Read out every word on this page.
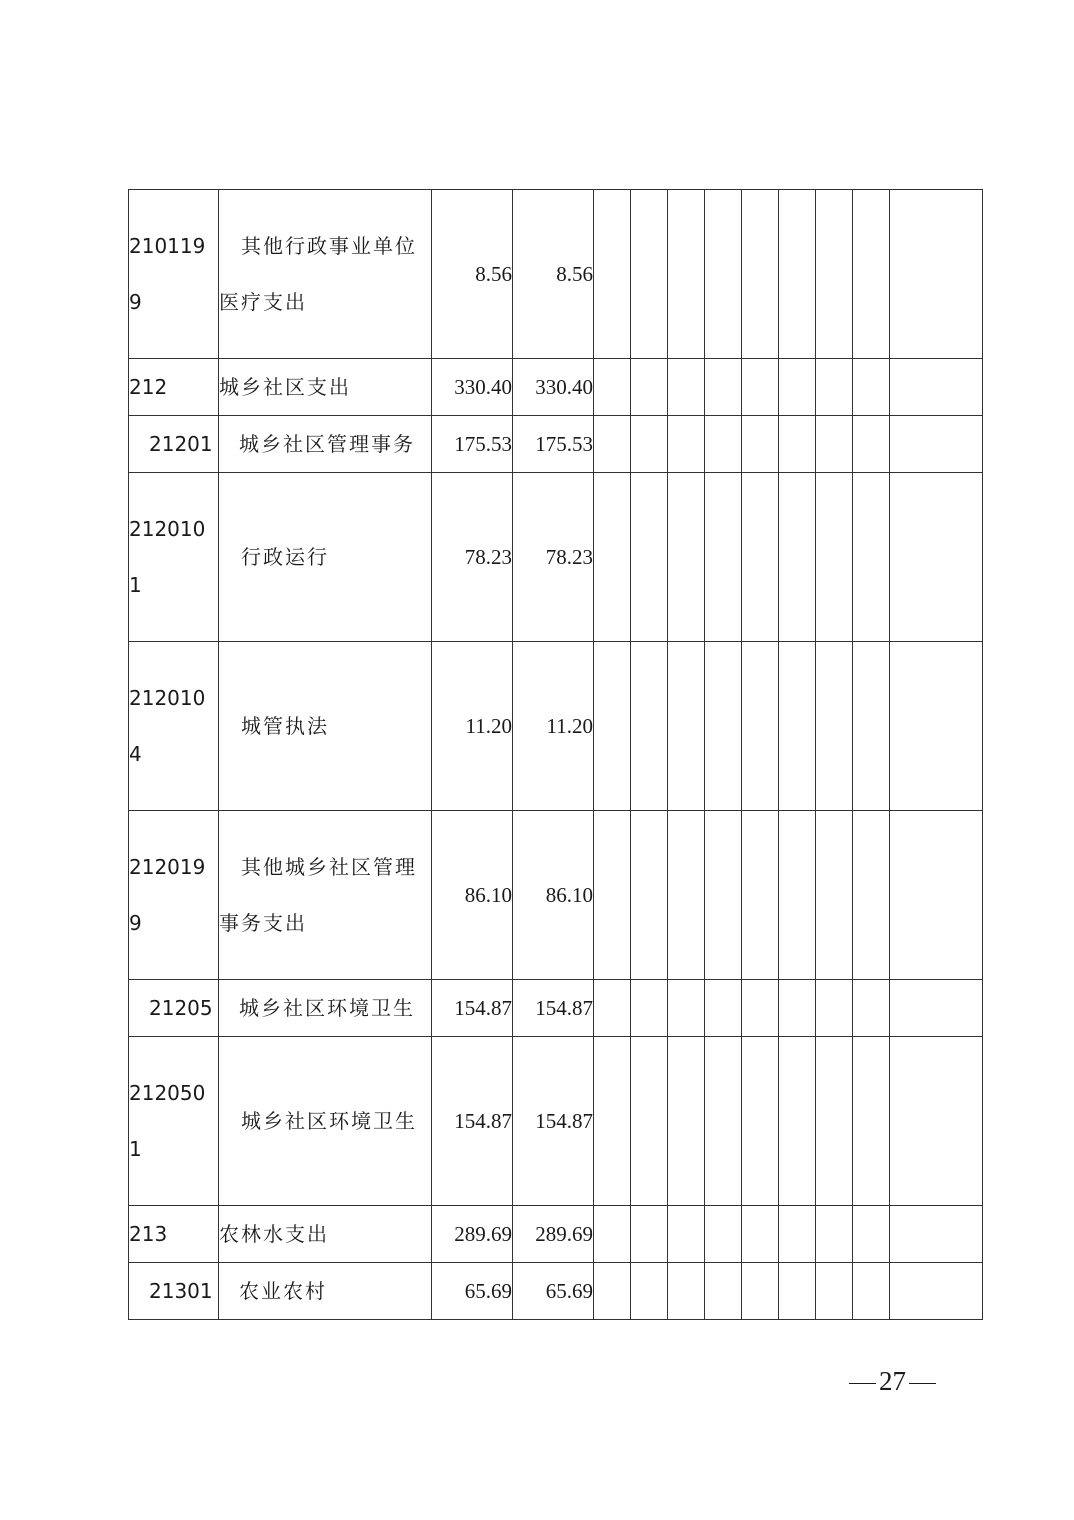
2101199	其他行政事业单位医疗支出	8.56	8.56									
212	城乡社区支出	330.40	330.40									
21201	城乡社区管理事务	175.53	175.53									
2120101	行政运行	78.23	78.23									
2120104	城管执法	11.20	11.20									
2120199	其他城乡社区管理事务支出	86.10	86.10									
21205	城乡社区环境卫生	154.87	154.87									
2120501	城乡社区环境卫生	154.87	154.87									
213	农林水支出	289.69	289.69									
21301	农业农村	65.69	65.69									
27
